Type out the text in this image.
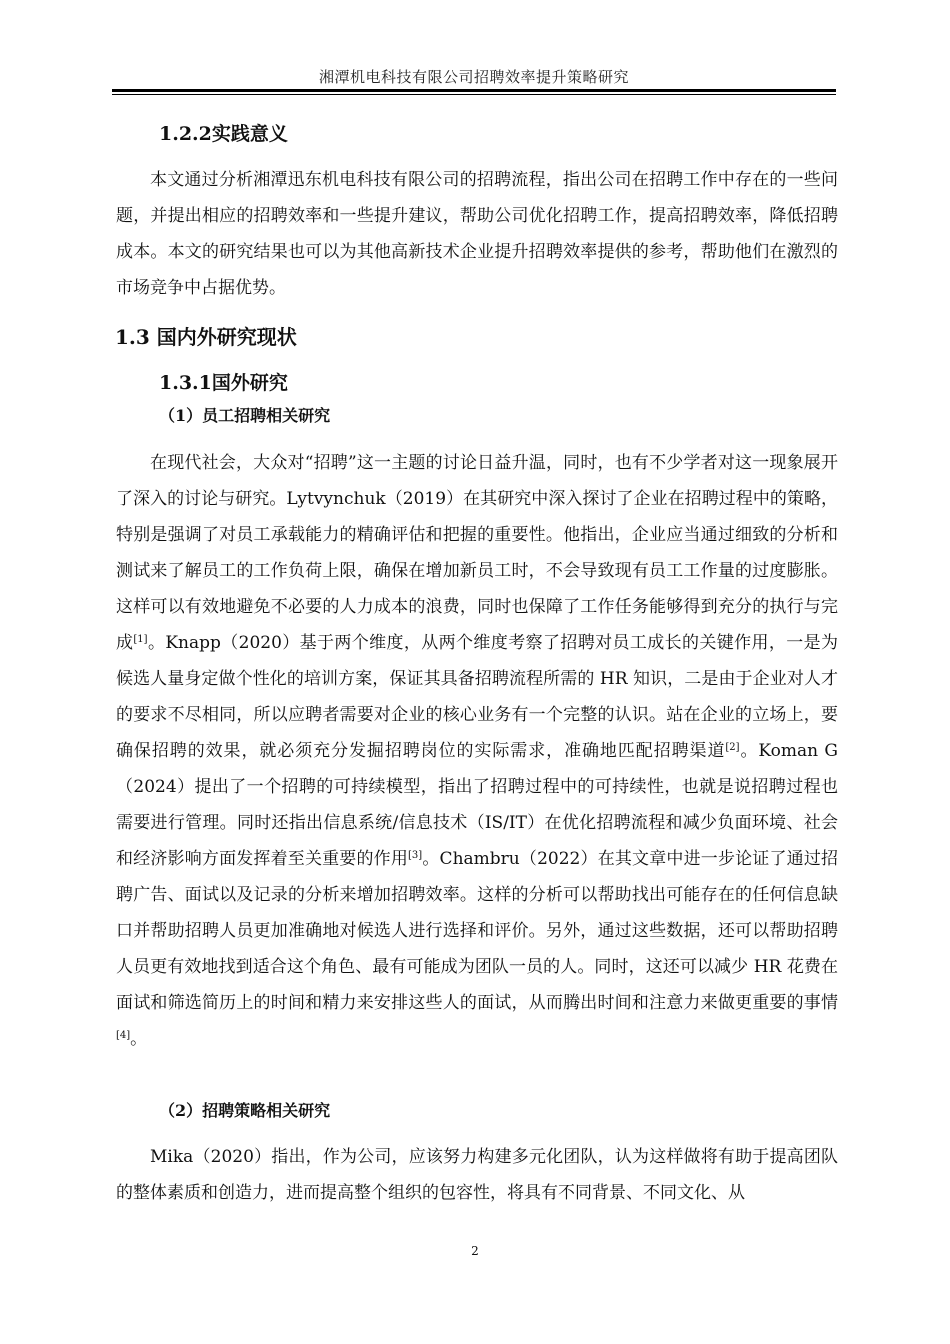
湘潭机电科技有限公司招聘效率提升策略研究
1.2.2实践意义
本文通过分析湘潭迅东机电科技有限公司的招聘流程，指出公司在招聘工作中存在的一些问题，并提出相应的招聘效率和一些提升建议，帮助公司优化招聘工作，提高招聘效率，降低招聘成本。本文的研究结果也可以为其他高新技术企业提升招聘效率提供的参考，帮助他们在激烈的市场竞争中占据优势。
1.3 国内外研究现状
1.3.1国外研究
（1）员工招聘相关研究
在现代社会，大众对“招聘”这一主题的讨论日益升温，同时，也有不少学者对这一现象展开了深入的讨论与研究。Lytvynchuk（2019）在其研究中深入探讨了企业在招聘过程中的策略，特别是强调了对员工承载能力的精确评估和把握的重要性。他指出，企业应当通过细致的分析和测试来了解员工的工作负荷上限，确保在增加新员工时，不会导致现有员工工作量的过度膨胀。这样可以有效地避免不必要的人力成本的浪费，同时也保障了工作任务能够得到充分的执行与完成[1]。Knapp（2020）基于两个维度，从两个维度考察了招聘对员工成长的关键作用，一是为候选人量身定做个性化的培训方案，保证其具备招聘流程所需的 HR 知识，二是由于企业对人才的要求不尽相同，所以应聘者需要对企业的核心业务有一个完整的认识。站在企业的立场上，要确保招聘的效果，就必须充分发掘招聘岗位的实际需求，准确地匹配招聘渠道[2]。Koman G（2024）提出了一个招聘的可持续模型，指出了招聘过程中的可持续性，也就是说招聘过程也需要进行管理。同时还指出信息系统/信息技术（IS/IT）在优化招聘流程和减少负面环境、社会和经济影响方面发挥着至关重要的作用[3]。Chambru（2022）在其文章中进一步论证了通过招聘广告、面试以及记录的分析来增加招聘效率。这样的分析可以帮助找出可能存在的任何信息缺口并帮助招聘人员更加准确地对候选人进行选择和评价。另外，通过这些数据，还可以帮助招聘人员更有效地找到适合这个角色、最有可能成为团队一员的人。同时，这还可以减少 HR 花费在面试和筛选简历上的时间和精力来安排这些人的面试，从而腾出时间和注意力来做更重要的事情[4]。
（2）招聘策略相关研究
Mika（2020）指出，作为公司，应该努力构建多元化团队，认为这样做将有助于提高团队的整体素质和创造力，进而提高整个组织的包容性，将具有不同背景、不同文化、从
2
